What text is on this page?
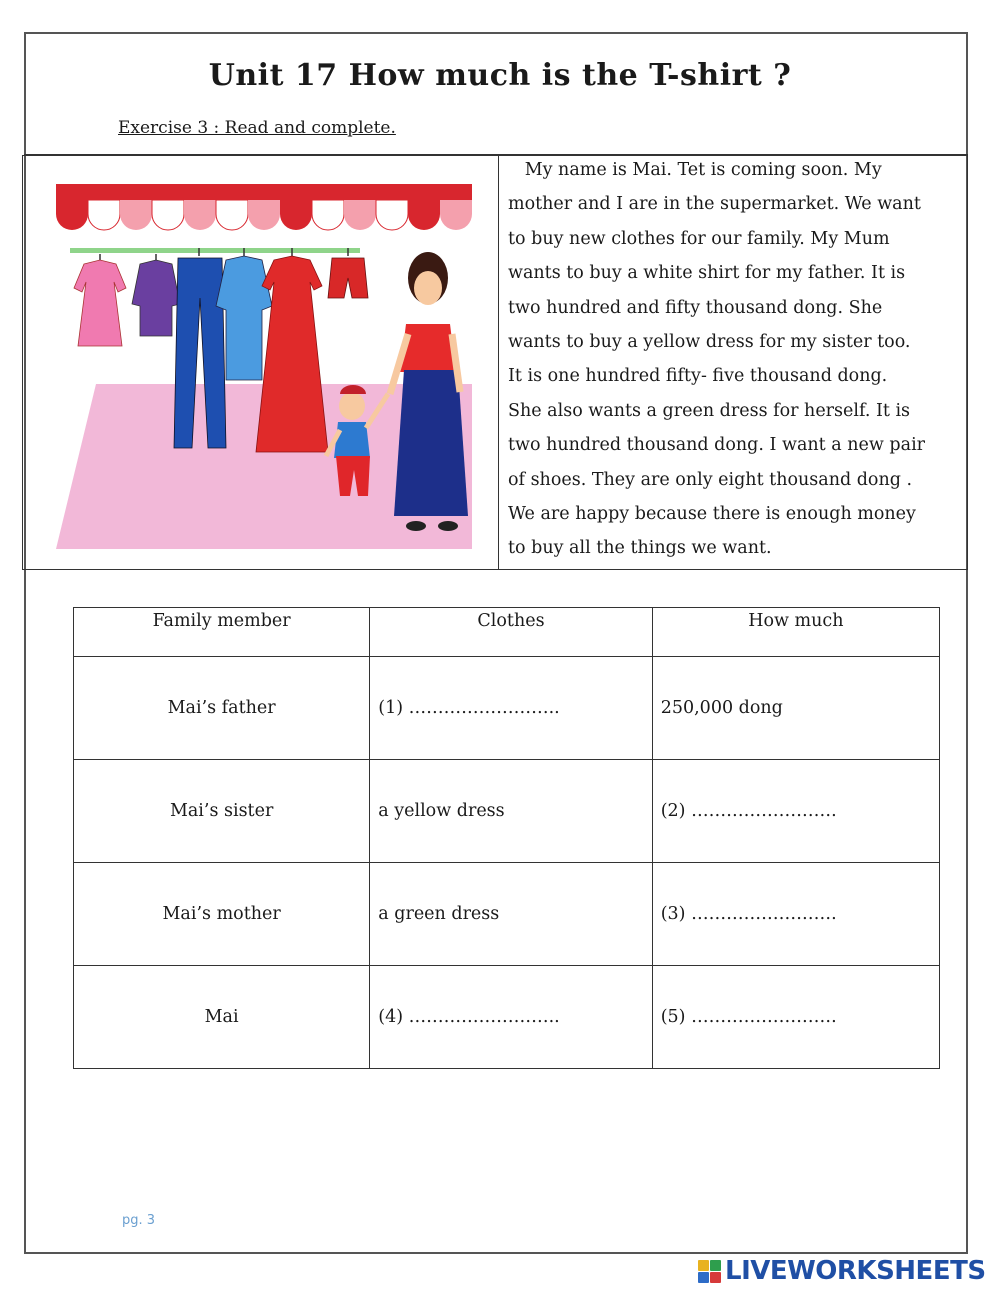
Unit 17 How much is the T-shirt ?
Exercise 3 : Read and complete.
My name is Mai. Tet is coming soon. My
mother and I are in the supermarket. We want
to buy new clothes for our family. My Mum
wants to buy a white shirt for my father. It is
two hundred and fifty thousand dong. She
wants to buy a yellow dress for my sister too.
It is one hundred fifty- five thousand dong.
She also wants a green dress for herself. It is
two hundred thousand dong. I want a new pair
of shoes. They are only eight thousand dong .
We are happy because there is enough money
to buy all the things we want.
Family member	Clothes	How much
Mai’s father	(1) ……………………..	250,000 dong
Mai’s sister	a yellow dress	(2) …………………….
Mai’s mother	a green dress	(3) …………………….
Mai	(4) ……………………..	(5) …………………….
pg. 3
LIVEWORKSHEETS
